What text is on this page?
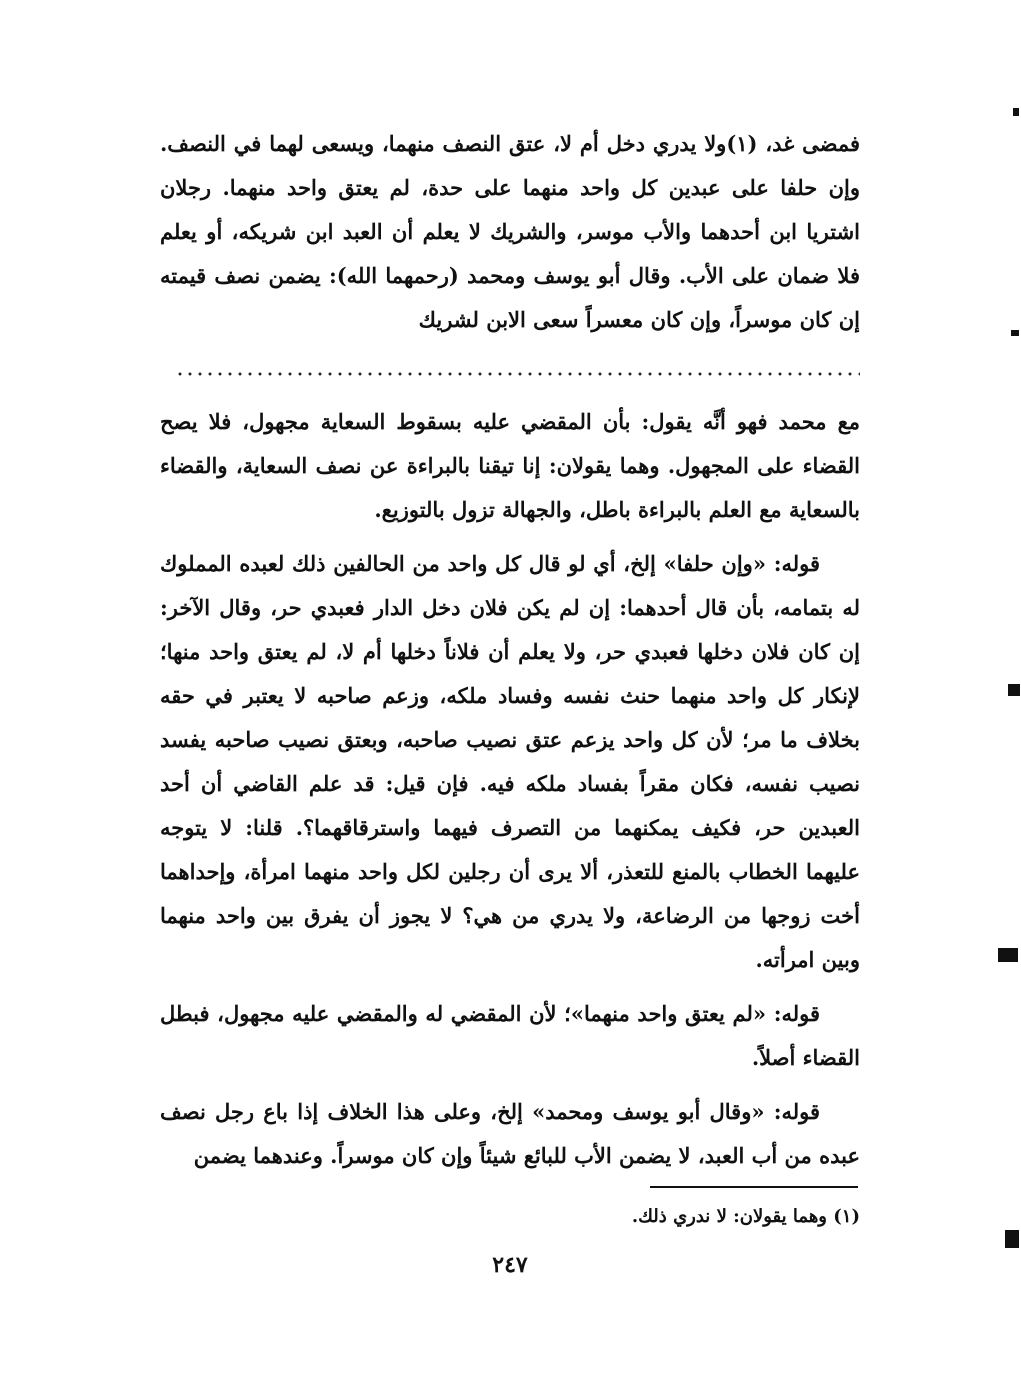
فمضى غد، (١)ولا يدري دخل أم لا، عتق النصف منهما، ويسعى لهما في النصف. وإن حلفا على عبدين كل واحد منهما على حدة، لم يعتق واحد منهما. رجلان اشتريا ابن أحدهما والأب موسر، والشريك لا يعلم أن العبد ابن شريكه، أو يعلم فلا ضمان على الأب. وقال أبو يوسف ومحمد (رحمهما الله): يضمن نصف قيمته إن كان موسراً، وإن كان معسراً سعى الابن لشريك

مع محمد فهو أنَّه يقول: بأن المقضي عليه بسقوط السعاية مجهول، فلا يصح القضاء على المجهول. وهما يقولان: إنا تيقنا بالبراءة عن نصف السعاية، والقضاء بالسعاية مع العلم بالبراءة باطل، والجهالة تزول بالتوزيع.

قوله: «وإن حلفا» إلخ، أي لو قال كل واحد من الحالفين ذلك لعبده المملوك له بتمامه، بأن قال أحدهما: إن لم يكن فلان دخل الدار فعبدي حر، وقال الآخر: إن كان فلان دخلها فعبدي حر، ولا يعلم أن فلاناً دخلها أم لا، لم يعتق واحد منها؛ لإنكار كل واحد منهما حنث نفسه وفساد ملكه، وزعم صاحبه لا يعتبر في حقه بخلاف ما مر؛ لأن كل واحد يزعم عتق نصيب صاحبه، وبعتق نصيب صاحبه يفسد نصيب نفسه، فكان مقراً بفساد ملكه فيه. فإن قيل: قد علم القاضي أن أحد العبدين حر، فكيف يمكنهما من التصرف فيهما واسترقاقهما؟. قلنا: لا يتوجه عليهما الخطاب بالمنع للتعذر، ألا يرى أن رجلين لكل واحد منهما امرأة، وإحداهما أخت زوجها من الرضاعة، ولا يدري من هي؟ لا يجوز أن يفرق بين واحد منهما وبين امرأته.

قوله: «لم يعتق واحد منهما»؛ لأن المقضي له والمقضي عليه مجهول، فبطل القضاء أصلاً.

قوله: «وقال أبو يوسف ومحمد» إلخ، وعلى هذا الخلاف إذا باع رجل نصف عبده من أب العبد، لا يضمن الأب للبائع شيئاً وإن كان موسراً. وعندهما يضمن

(١) وهما يقولان: لا ندري ذلك.
٢٤٧
